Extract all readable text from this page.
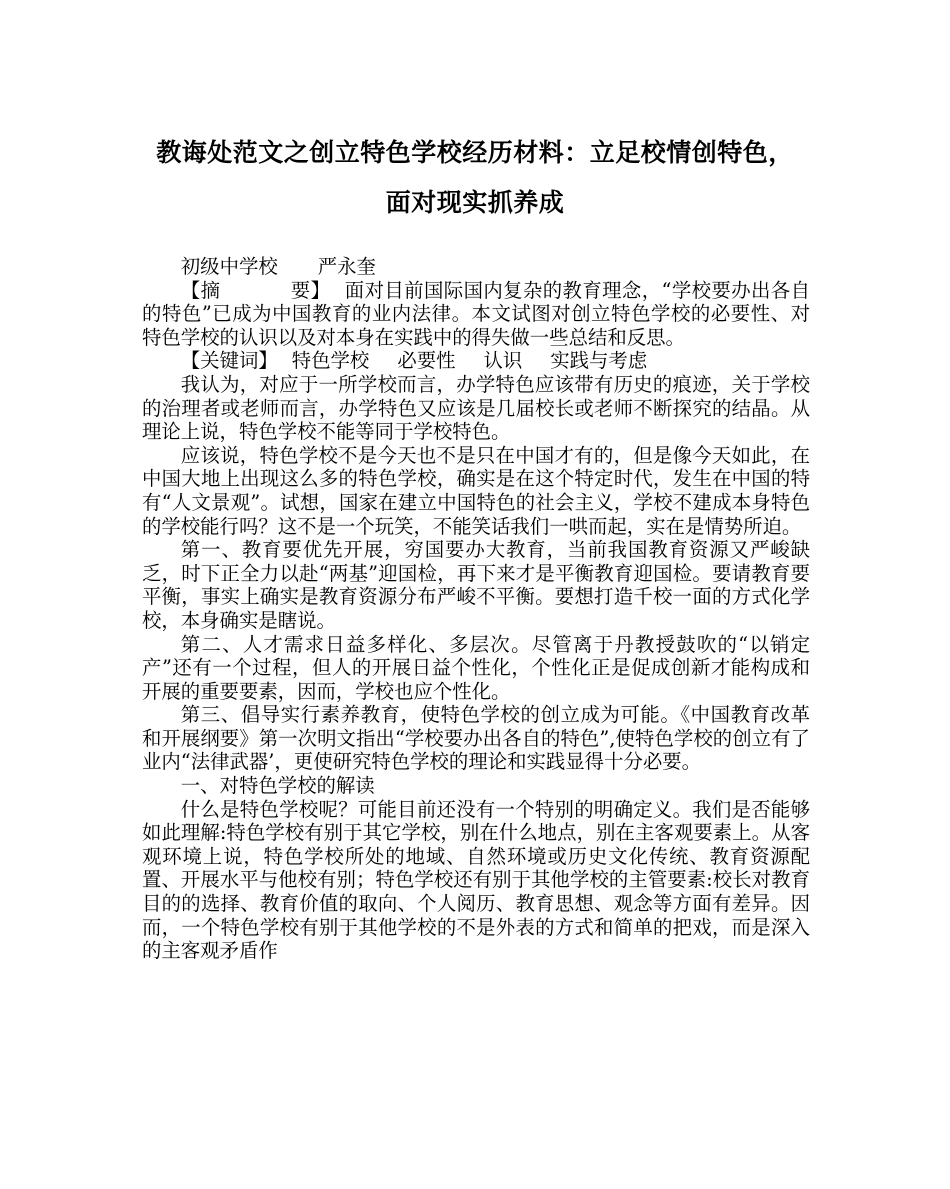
教诲处范文之创立特色学校经历材料：立足校情创特色，
面对现实抓养成

初级中学校 严永奎

【摘	要】 面对目前国际国内复杂的教育理念，“学校要办出各自的特色”已成为中国教育的业内法律。本文试图对创立特色学校的必要性、对特色学校的认识以及对本身在实践中的得失做一些总结和反思。

【关键词】 特色学校 必要性 认识 实践与考虑

我认为，对应于一所学校而言，办学特色应该带有历史的痕迹，关于学校的治理者或老师而言，办学特色又应该是几届校长或老师不断探究的结晶。从理论上说，特色学校不能等同于学校特色。

应该说，特色学校不是今天也不是只在中国才有的，但是像今天如此，在中国大地上出现这么多的特色学校，确实是在这个特定时代，发生在中国的特有“人文景观”。试想，国家在建立中国特色的社会主义，学校不建成本身特色的学校能行吗？这不是一个玩笑，不能笑话我们一哄而起，实在是情势所迫。

第一、教育要优先开展，穷国要办大教育，当前我国教育资源又严峻缺乏，时下正全力以赴“两基”迎国检，再下来才是平衡教育迎国检。要请教育要平衡，事实上确实是教育资源分布严峻不平衡。要想打造千校一面的方式化学校，本身确实是瞎说。

第二、人才需求日益多样化、多层次。尽管离于丹教授鼓吹的“以销定产”还有一个过程，但人的开展日益个性化，个性化正是促成创新才能构成和开展的重要要素，因而，学校也应个性化。

第三、倡导实行素养教育，使特色学校的创立成为可能。《中国教育改革和开展纲要》第一次明文指出“学校要办出各自的特色”,使特色学校的创立有了业内“法律武器’，更使研究特色学校的理论和实践显得十分必要。

一、对特色学校的解读

什么是特色学校呢？可能目前还没有一个特别的明确定义。我们是否能够如此理解:特色学校有别于其它学校，别在什么地点，别在主客观要素上。从客观环境上说，特色学校所处的地域、自然环境或历史文化传统、教育资源配置、开展水平与他校有别；特色学校还有别于其他学校的主管要素:校长对教育目的的选择、教育价值的取向、个人阅历、教育思想、观念等方面有差异。因而，一个特色学校有别于其他学校的不是外表的方式和简单的把戏，而是深入的主客观矛盾作
